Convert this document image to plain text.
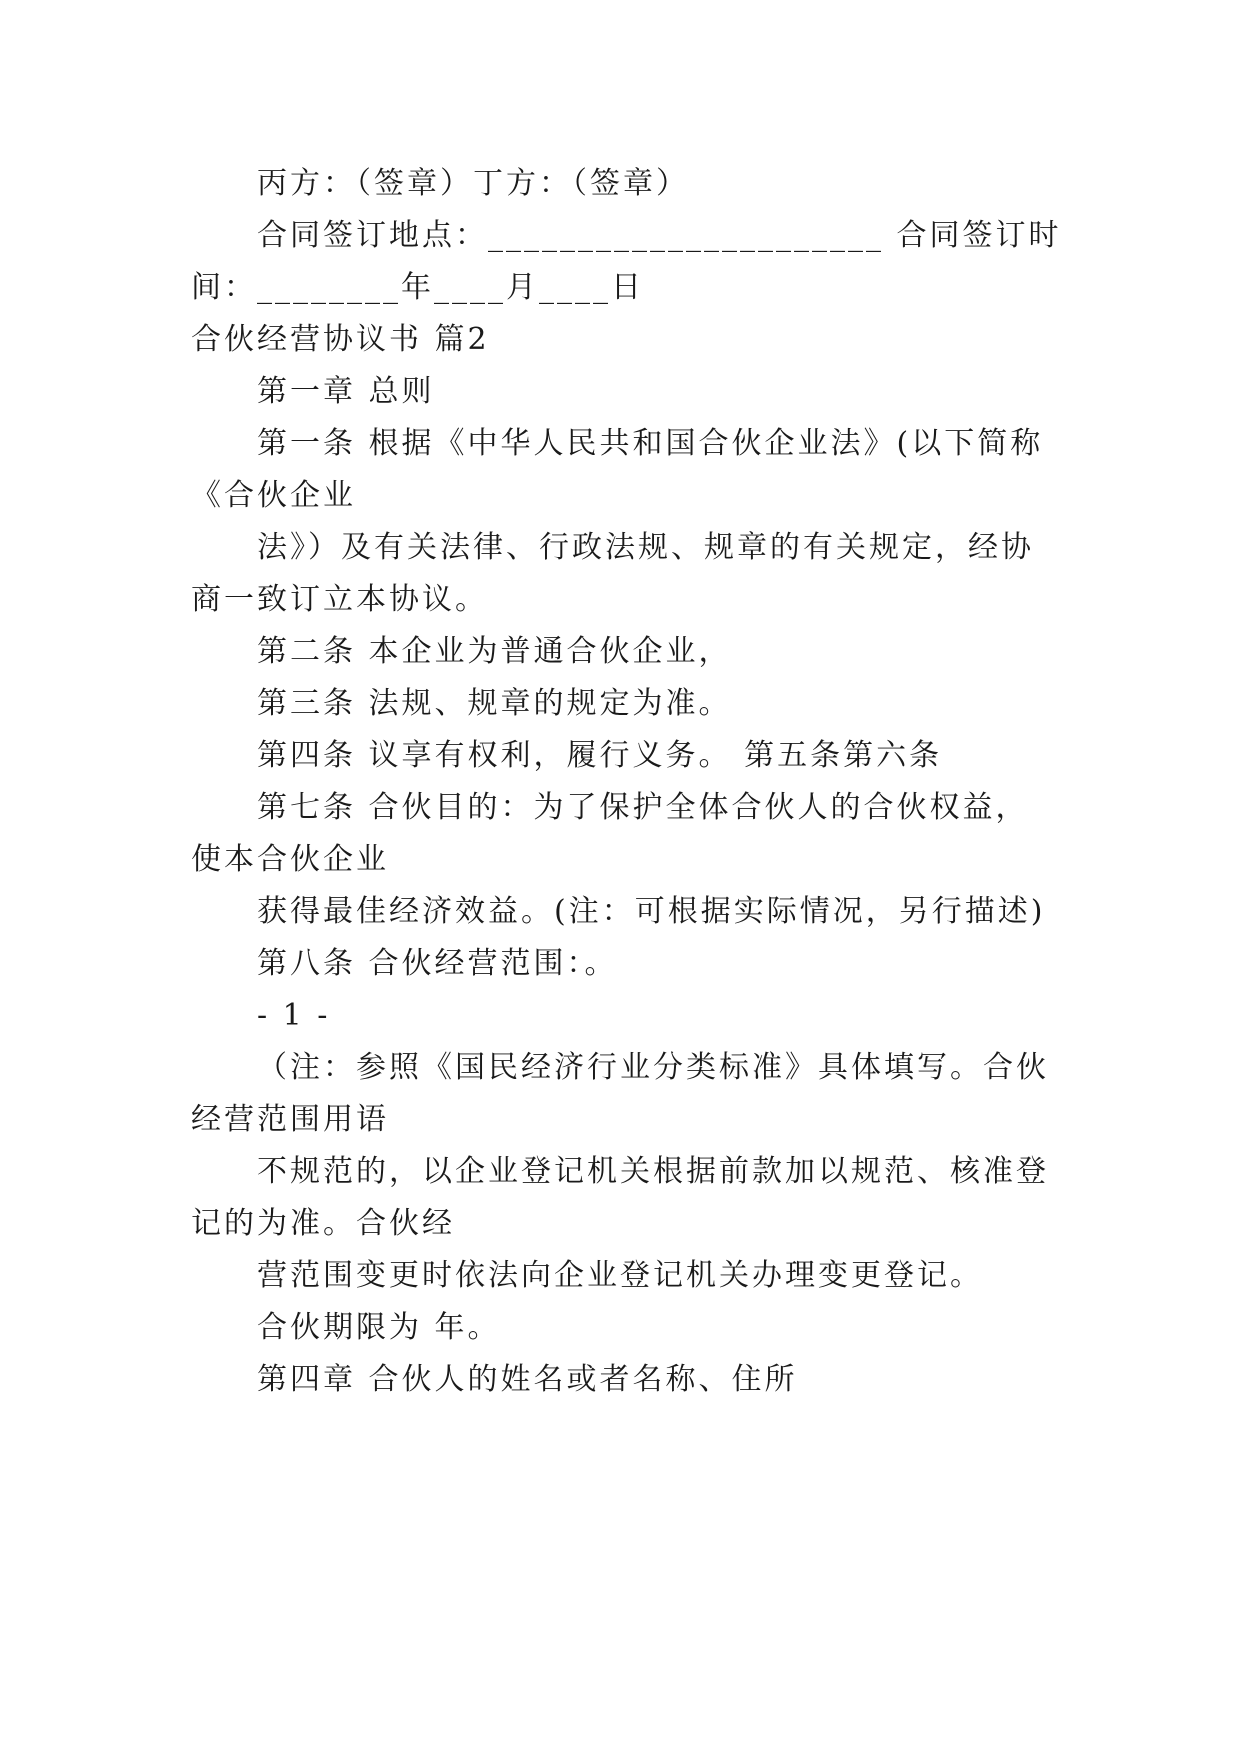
丙方：（签章）丁方：（签章）
合同签订地点：______________________ 合同签订时
间：________年____月____日
合伙经营协议书 篇2
第一章 总则
第一条 根据《中华人民共和国合伙企业法》(以下简称
《合伙企业
法》）及有关法律、行政法规、规章的有关规定，经协
商一致订立本协议。
第二条 本企业为普通合伙企业，
第三条 法规、规章的规定为准。
第四条 议享有权利，履行义务。 第五条第六条
第七条 合伙目的：为了保护全体合伙人的合伙权益，
使本合伙企业
获得最佳经济效益。(注：可根据实际情况，另行描述)
第八条 合伙经营范围：。
- 1 -
（注：参照《国民经济行业分类标准》具体填写。合伙
经营范围用语
不规范的，以企业登记机关根据前款加以规范、核准登
记的为准。合伙经
营范围变更时依法向企业登记机关办理变更登记。
合伙期限为 年。
第四章 合伙人的姓名或者名称、住所
